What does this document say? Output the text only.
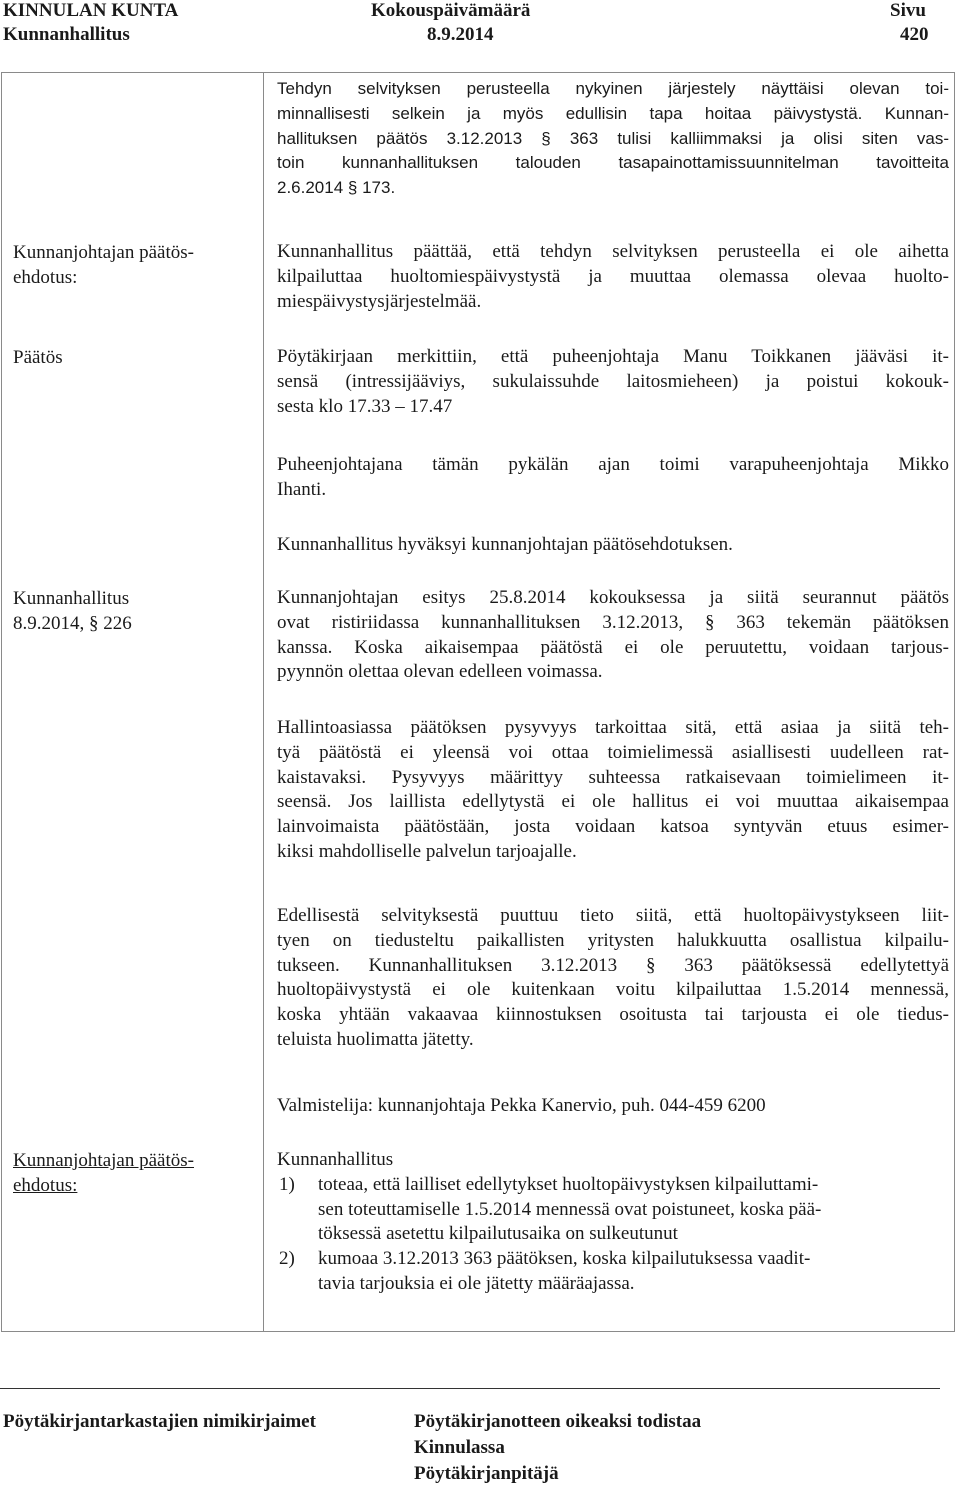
KINNULAN KUNTA
Kunnanhallitus
Kokouspäivämäärä
8.9.2014
Sivu
420
Kunnanjohtajan päätös-
ehdotus:
Päätös
Kunnanhallitus
8.9.2014, § 226
Kunnanjohtajan päätös-
ehdotus:
Tehdyn selvityksen perusteella nykyinen järjestely näyttäisi olevan toi-
minnallisesti selkein ja myös edullisin tapa hoitaa päivystystä. Kunnan-
hallituksen päätös 3.12.2013 § 363 tulisi kalliimmaksi ja olisi siten vas-
toin kunnanhallituksen talouden tasapainottamissuunnitelman tavoitteita
2.6.2014 § 173.
Kunnanhallitus päättää, että tehdyn selvityksen perusteella ei ole aihetta
kilpailuttaa huoltomiespäivystystä ja muuttaa olemassa olevaa huolto-
miespäivystysjärjestelmää.
Pöytäkirjaan merkittiin, että puheenjohtaja Manu Toikkanen jääväsi it-
sensä (intressijääviys, sukulaissuhde laitosmieheen) ja poistui kokouk-
sesta klo 17.33 – 17.47
Puheenjohtajana tämän pykälän ajan toimi varapuheenjohtaja Mikko
Ihanti.
Kunnanhallitus hyväksyi kunnanjohtajan päätösehdotuksen.
Kunnanjohtajan esitys 25.8.2014 kokouksessa ja siitä seurannut päätös
ovat ristiriidassa kunnanhallituksen 3.12.2013, § 363 tekemän päätöksen
kanssa. Koska aikaisempaa päätöstä ei ole peruutettu, voidaan tarjous-
pyynnön olettaa olevan edelleen voimassa.
Hallintoasiassa päätöksen pysyvyys tarkoittaa sitä, että asiaa ja siitä teh-
tyä päätöstä ei yleensä voi ottaa toimielimessä asiallisesti uudelleen rat-
kaistavaksi. Pysyvyys määrittyy suhteessa ratkaisevaan toimielimeen it-
seensä. Jos laillista edellytystä ei ole hallitus ei voi muuttaa aikaisempaa
lainvoimaista päätöstään, josta voidaan katsoa syntyvän etuus esimer-
kiksi mahdolliselle palvelun tarjoajalle.
Edellisestä selvityksestä puuttuu tieto siitä, että huoltopäivystykseen liit-
tyen on tiedusteltu paikallisten yritysten halukkuutta osallistua kilpailu-
tukseen. Kunnanhallituksen 3.12.2013 § 363 päätöksessä edellytettyä
huoltopäivystystä ei ole kuitenkaan voitu kilpailuttaa 1.5.2014 mennessä,
koska yhtään vakaavaa kiinnostuksen osoitusta tai tarjousta ei ole tiedus-
teluista huolimatta jätetty.
Valmistelija: kunnanjohtaja Pekka Kanervio, puh. 044-459 6200
Kunnanhallitus
1) toteaa, että lailliset edellytykset huoltopäivystyksen kilpailuttami-
sen toteuttamiselle 1.5.2014 mennessä ovat poistuneet, koska pää-
töksessä asetettu kilpailutusaika on sulkeutunut
2) kumoaa 3.12.2013 363 päätöksen, koska kilpailutuksessa vaadit-
tavia tarjouksia ei ole jätetty määräajassa.
Pöytäkirjantarkastajien nimikirjaimet	Pöytäkirjanotteen oikeaksi todistaa
Kinnulassa
Pöytäkirjanpitäjä
